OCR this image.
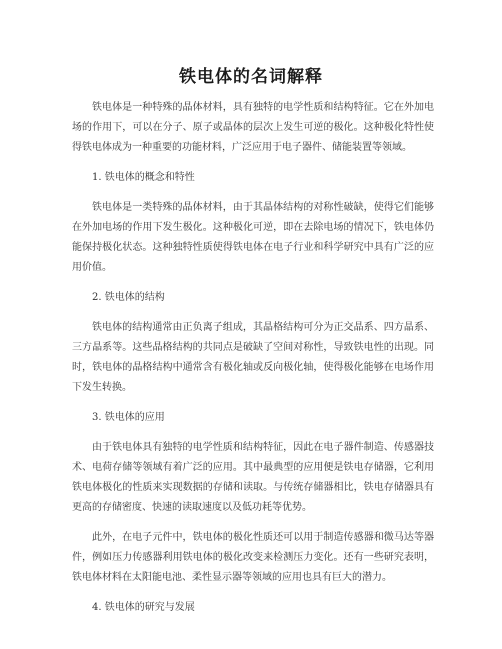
铁电体的名词解释

铁电体是一种特殊的晶体材料，具有独特的电学性质和结构特征。它在外加电场的作用下，可以在分子、原子或晶体的层次上发生可逆的极化。这种极化特性使得铁电体成为一种重要的功能材料，广泛应用于电子器件、储能装置等领域。

1. 铁电体的概念和特性

铁电体是一类特殊的晶体材料，由于其晶体结构的对称性破缺，使得它们能够在外加电场的作用下发生极化。这种极化可逆，即在去除电场的情况下，铁电体仍能保持极化状态。这种独特性质使得铁电体在电子行业和科学研究中具有广泛的应用价值。

2. 铁电体的结构

铁电体的结构通常由正负离子组成，其晶格结构可分为正交晶系、四方晶系、三方晶系等。这些晶格结构的共同点是破缺了空间对称性，导致铁电性的出现。同时，铁电体的晶格结构中通常含有极化轴或反向极化轴，使得极化能够在电场作用下发生转换。

3. 铁电体的应用

由于铁电体具有独特的电学性质和结构特征，因此在电子器件制造、传感器技术、电荷存储等领域有着广泛的应用。其中最典型的应用便是铁电存储器，它利用铁电体极化的性质来实现数据的存储和读取。与传统存储器相比，铁电存储器具有更高的存储密度、快速的读取速度以及低功耗等优势。

此外，在电子元件中，铁电体的极化性质还可以用于制造传感器和微马达等器件，例如压力传感器利用铁电体的极化改变来检测压力变化。还有一些研究表明，铁电体材料在太阳能电池、柔性显示器等领域的应用也具有巨大的潜力。

4. 铁电体的研究与发展
